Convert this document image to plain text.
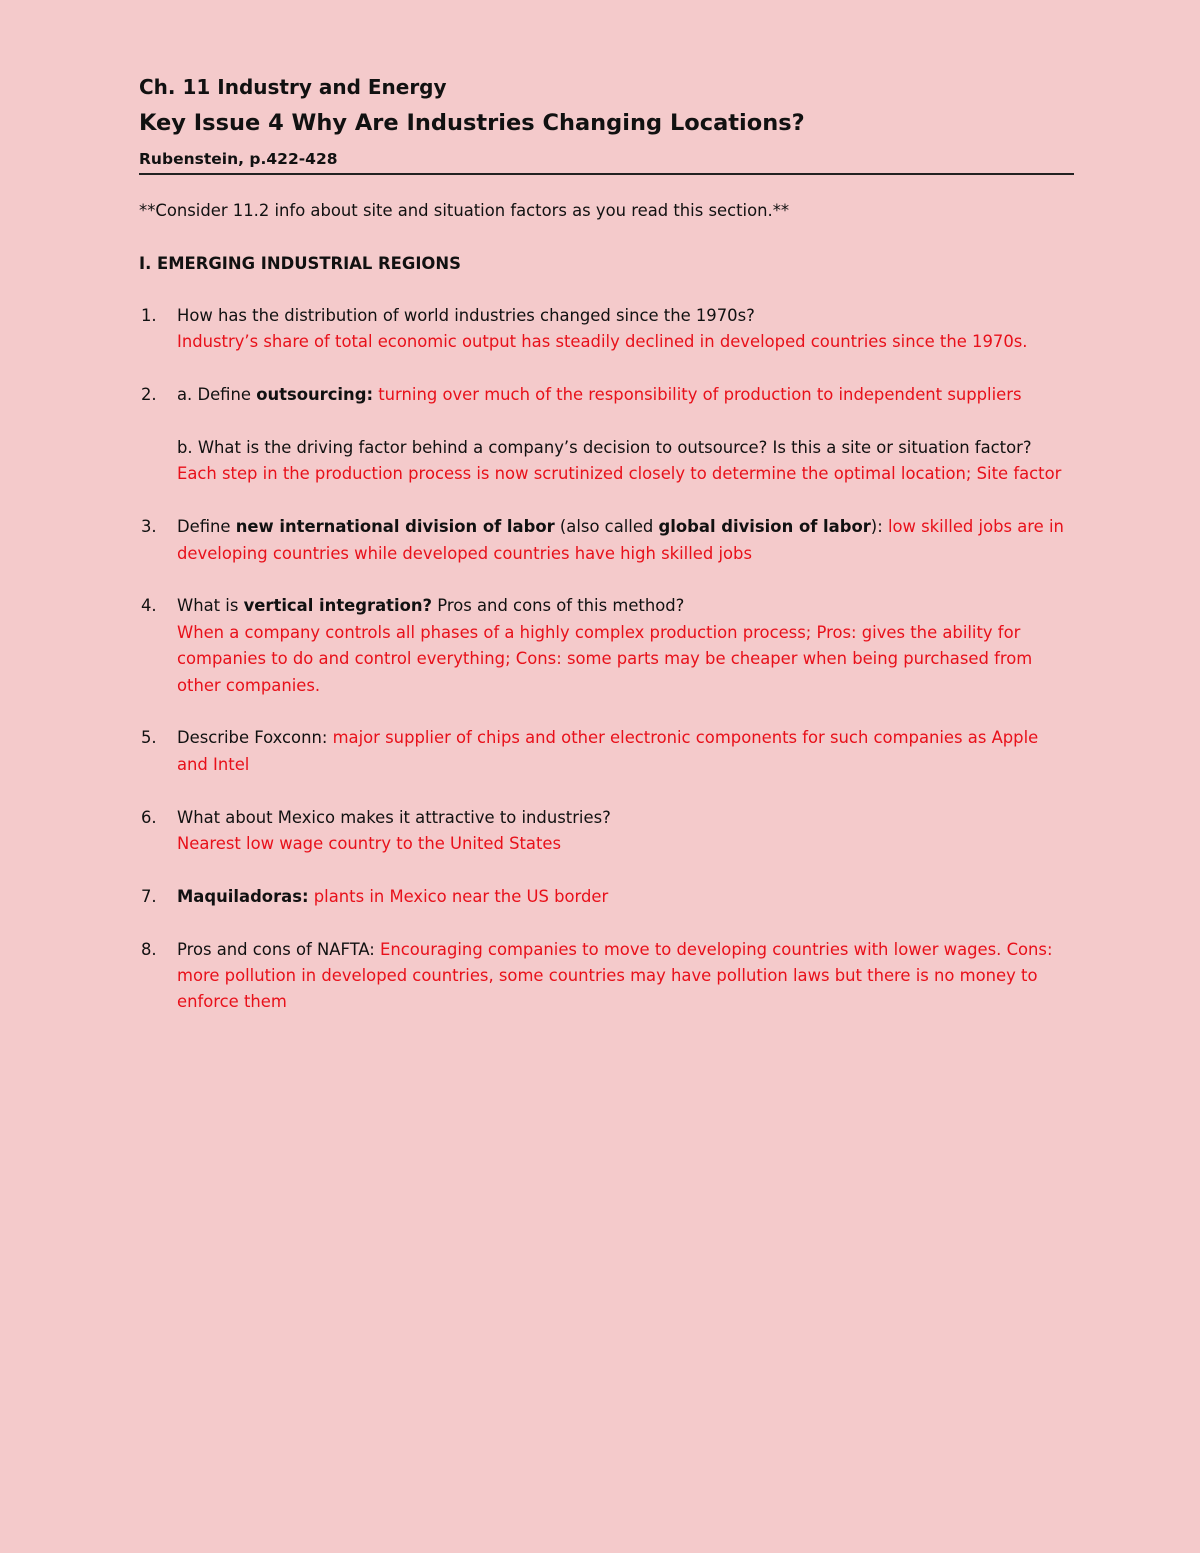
Ch. 11 Industry and Energy
Key Issue 4 Why Are Industries Changing Locations?
Rubenstein, p.422-428
**Consider 11.2 info about site and situation factors as you read this section.**
I. EMERGING INDUSTRIAL REGIONS
1. How has the distribution of world industries changed since the 1970s?
Industry’s share of total economic output has steadily declined in developed countries since the 1970s.
2. a. Define outsourcing: turning over much of the responsibility of production to independent suppliers
b. What is the driving factor behind a company’s decision to outsource? Is this a site or situation factor?
Each step in the production process is now scrutinized closely to determine the optimal location; Site factor
3. Define new international division of labor (also called global division of labor): low skilled jobs are in developing countries while developed countries have high skilled jobs
4. What is vertical integration? Pros and cons of this method?
When a company controls all phases of a highly complex production process; Pros: gives the ability for companies to do and control everything; Cons: some parts may be cheaper when being purchased from other companies.
5. Describe Foxconn: major supplier of chips and other electronic components for such companies as Apple and Intel
6. What about Mexico makes it attractive to industries?
Nearest low wage country to the United States
7. Maquiladoras: plants in Mexico near the US border
8. Pros and cons of NAFTA: Encouraging companies to move to developing countries with lower wages. Cons: more pollution in developed countries, some countries may have pollution laws but there is no money to enforce them
